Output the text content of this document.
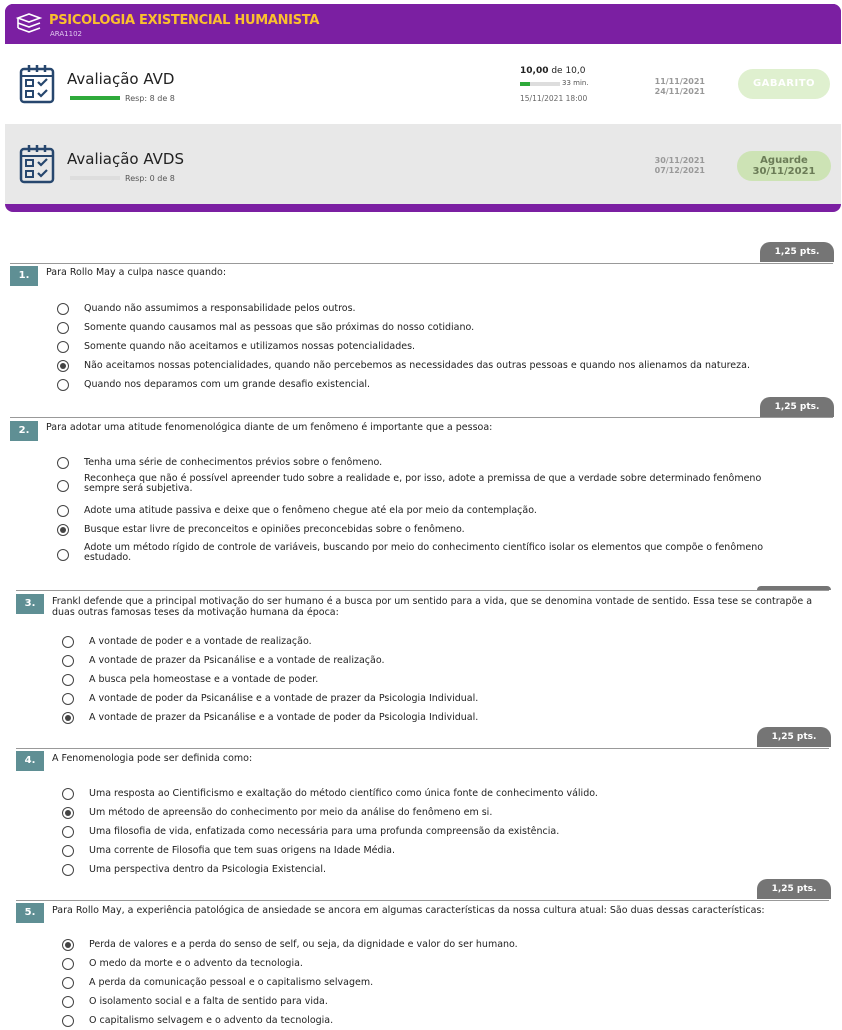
PSICOLOGIA EXISTENCIAL HUMANISTA
ARA1102
Avaliação AVD
Resp: 8 de 8
10,00 de 10,0
33 min.
15/11/2021 18:00
11/11/2021
24/11/2021
GABARITO
Avaliação AVDS
Resp: 0 de 8
30/11/2021
07/12/2021
Aguarde
30/11/2021
1,25 pts.
1.	Para Rollo May a culpa nasce quando:
Quando não assumimos a responsabilidade pelos outros.
Somente quando causamos mal as pessoas que são próximas do nosso cotidiano.
Somente quando não aceitamos e utilizamos nossas potencialidades.
Não aceitamos nossas potencialidades, quando não percebemos as necessidades das outras pessoas e quando nos alienamos da natureza.
Quando nos deparamos com um grande desafio existencial.
1,25 pts.
2.	Para adotar uma atitude fenomenológica diante de um fenômeno é importante que a pessoa:
Tenha uma série de conhecimentos prévios sobre o fenômeno.
Reconheça que não é possível apreender tudo sobre a realidade e, por isso, adote a premissa de que a verdade sobre determinado fenômeno sempre será subjetiva.
Adote uma atitude passiva e deixe que o fenômeno chegue até ela por meio da contemplação.
Busque estar livre de preconceitos e opiniões preconcebidas sobre o fenômeno.
Adote um método rígido de controle de variáveis, buscando por meio do conhecimento científico isolar os elementos que compõe o fenômeno estudado.
3.	Frankl defende que a principal motivação do ser humano é a busca por um sentido para a vida, que se denomina vontade de sentido. Essa tese se contrapõe a duas outras famosas teses da motivação humana da época:
A vontade de poder e a vontade de realização.
A vontade de prazer da Psicanálise e a vontade de realização.
A busca pela homeostase e a vontade de poder.
A vontade de poder da Psicanálise e a vontade de prazer da Psicologia Individual.
A vontade de prazer da Psicanálise e a vontade de poder da Psicologia Individual.
1,25 pts.
4.	A Fenomenologia pode ser definida como:
Uma resposta ao Cientificismo e exaltação do método científico como única fonte de conhecimento válido.
Um método de apreensão do conhecimento por meio da análise do fenômeno em si.
Uma filosofia de vida, enfatizada como necessária para uma profunda compreensão da existência.
Uma corrente de Filosofia que tem suas origens na Idade Média.
Uma perspectiva dentro da Psicologia Existencial.
1,25 pts.
5.	Para Rollo May, a experiência patológica de ansiedade se ancora em algumas características da nossa cultura atual: São duas dessas características:
Perda de valores e a perda do senso de self, ou seja, da dignidade e valor do ser humano.
O medo da morte e o advento da tecnologia.
A perda da comunicação pessoal e o capitalismo selvagem.
O isolamento social e a falta de sentido para vida.
O capitalismo selvagem e o advento da tecnologia.
